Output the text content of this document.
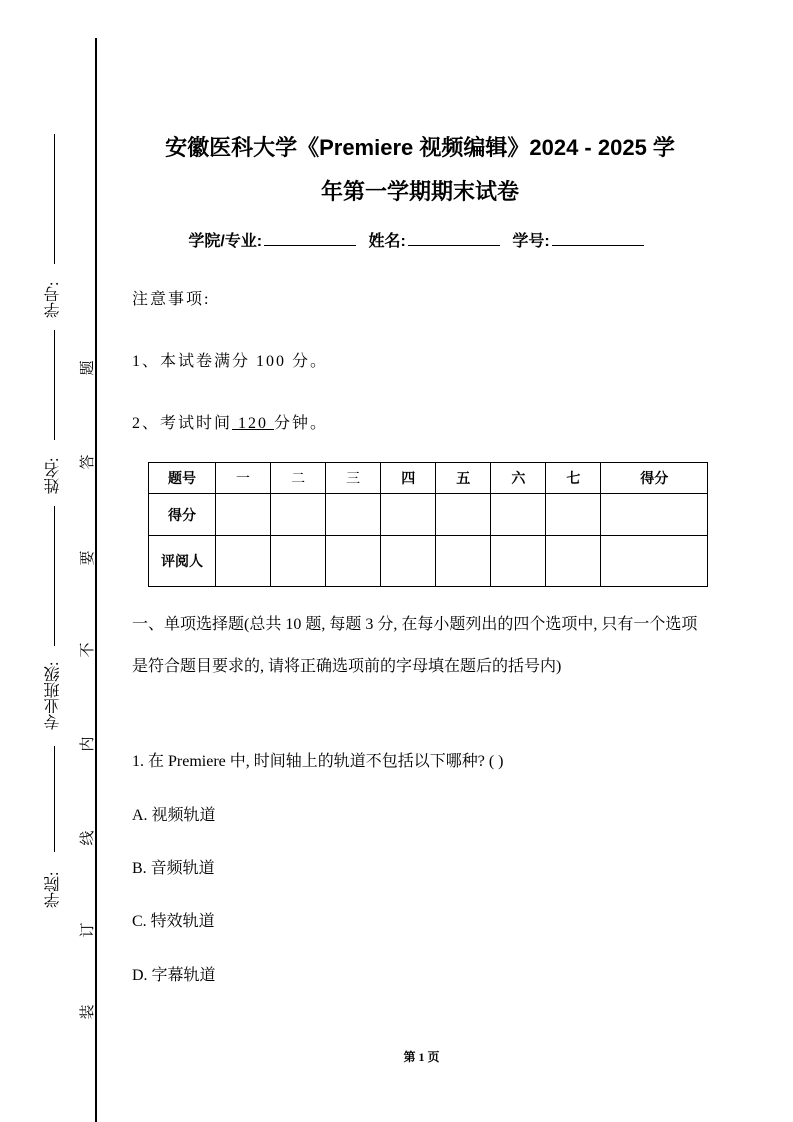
学号:
姓名:
专业班级:
学院:
题
答
要
不
内
线
订
装
安徽医科大学《Premiere 视频编辑》2024 - 2025 学
年第一学期期末试卷
学院/专业:	姓名:	学号:
注意事项:
1、本试卷满分 100 分。
2、考试时间 120 分钟。
题号	一	二	三	四	五	六	七	得分
得分								
评阅人								
一、单项选择题(总共 10 题, 每题 3 分, 在每小题列出的四个选项中, 只有一个选项是符合题目要求的, 请将正确选项前的字母填在题后的括号内)
1. 在 Premiere 中, 时间轴上的轨道不包括以下哪种? ( )
A. 视频轨道
B. 音频轨道
C. 特效轨道
D. 字幕轨道
第 1 页
